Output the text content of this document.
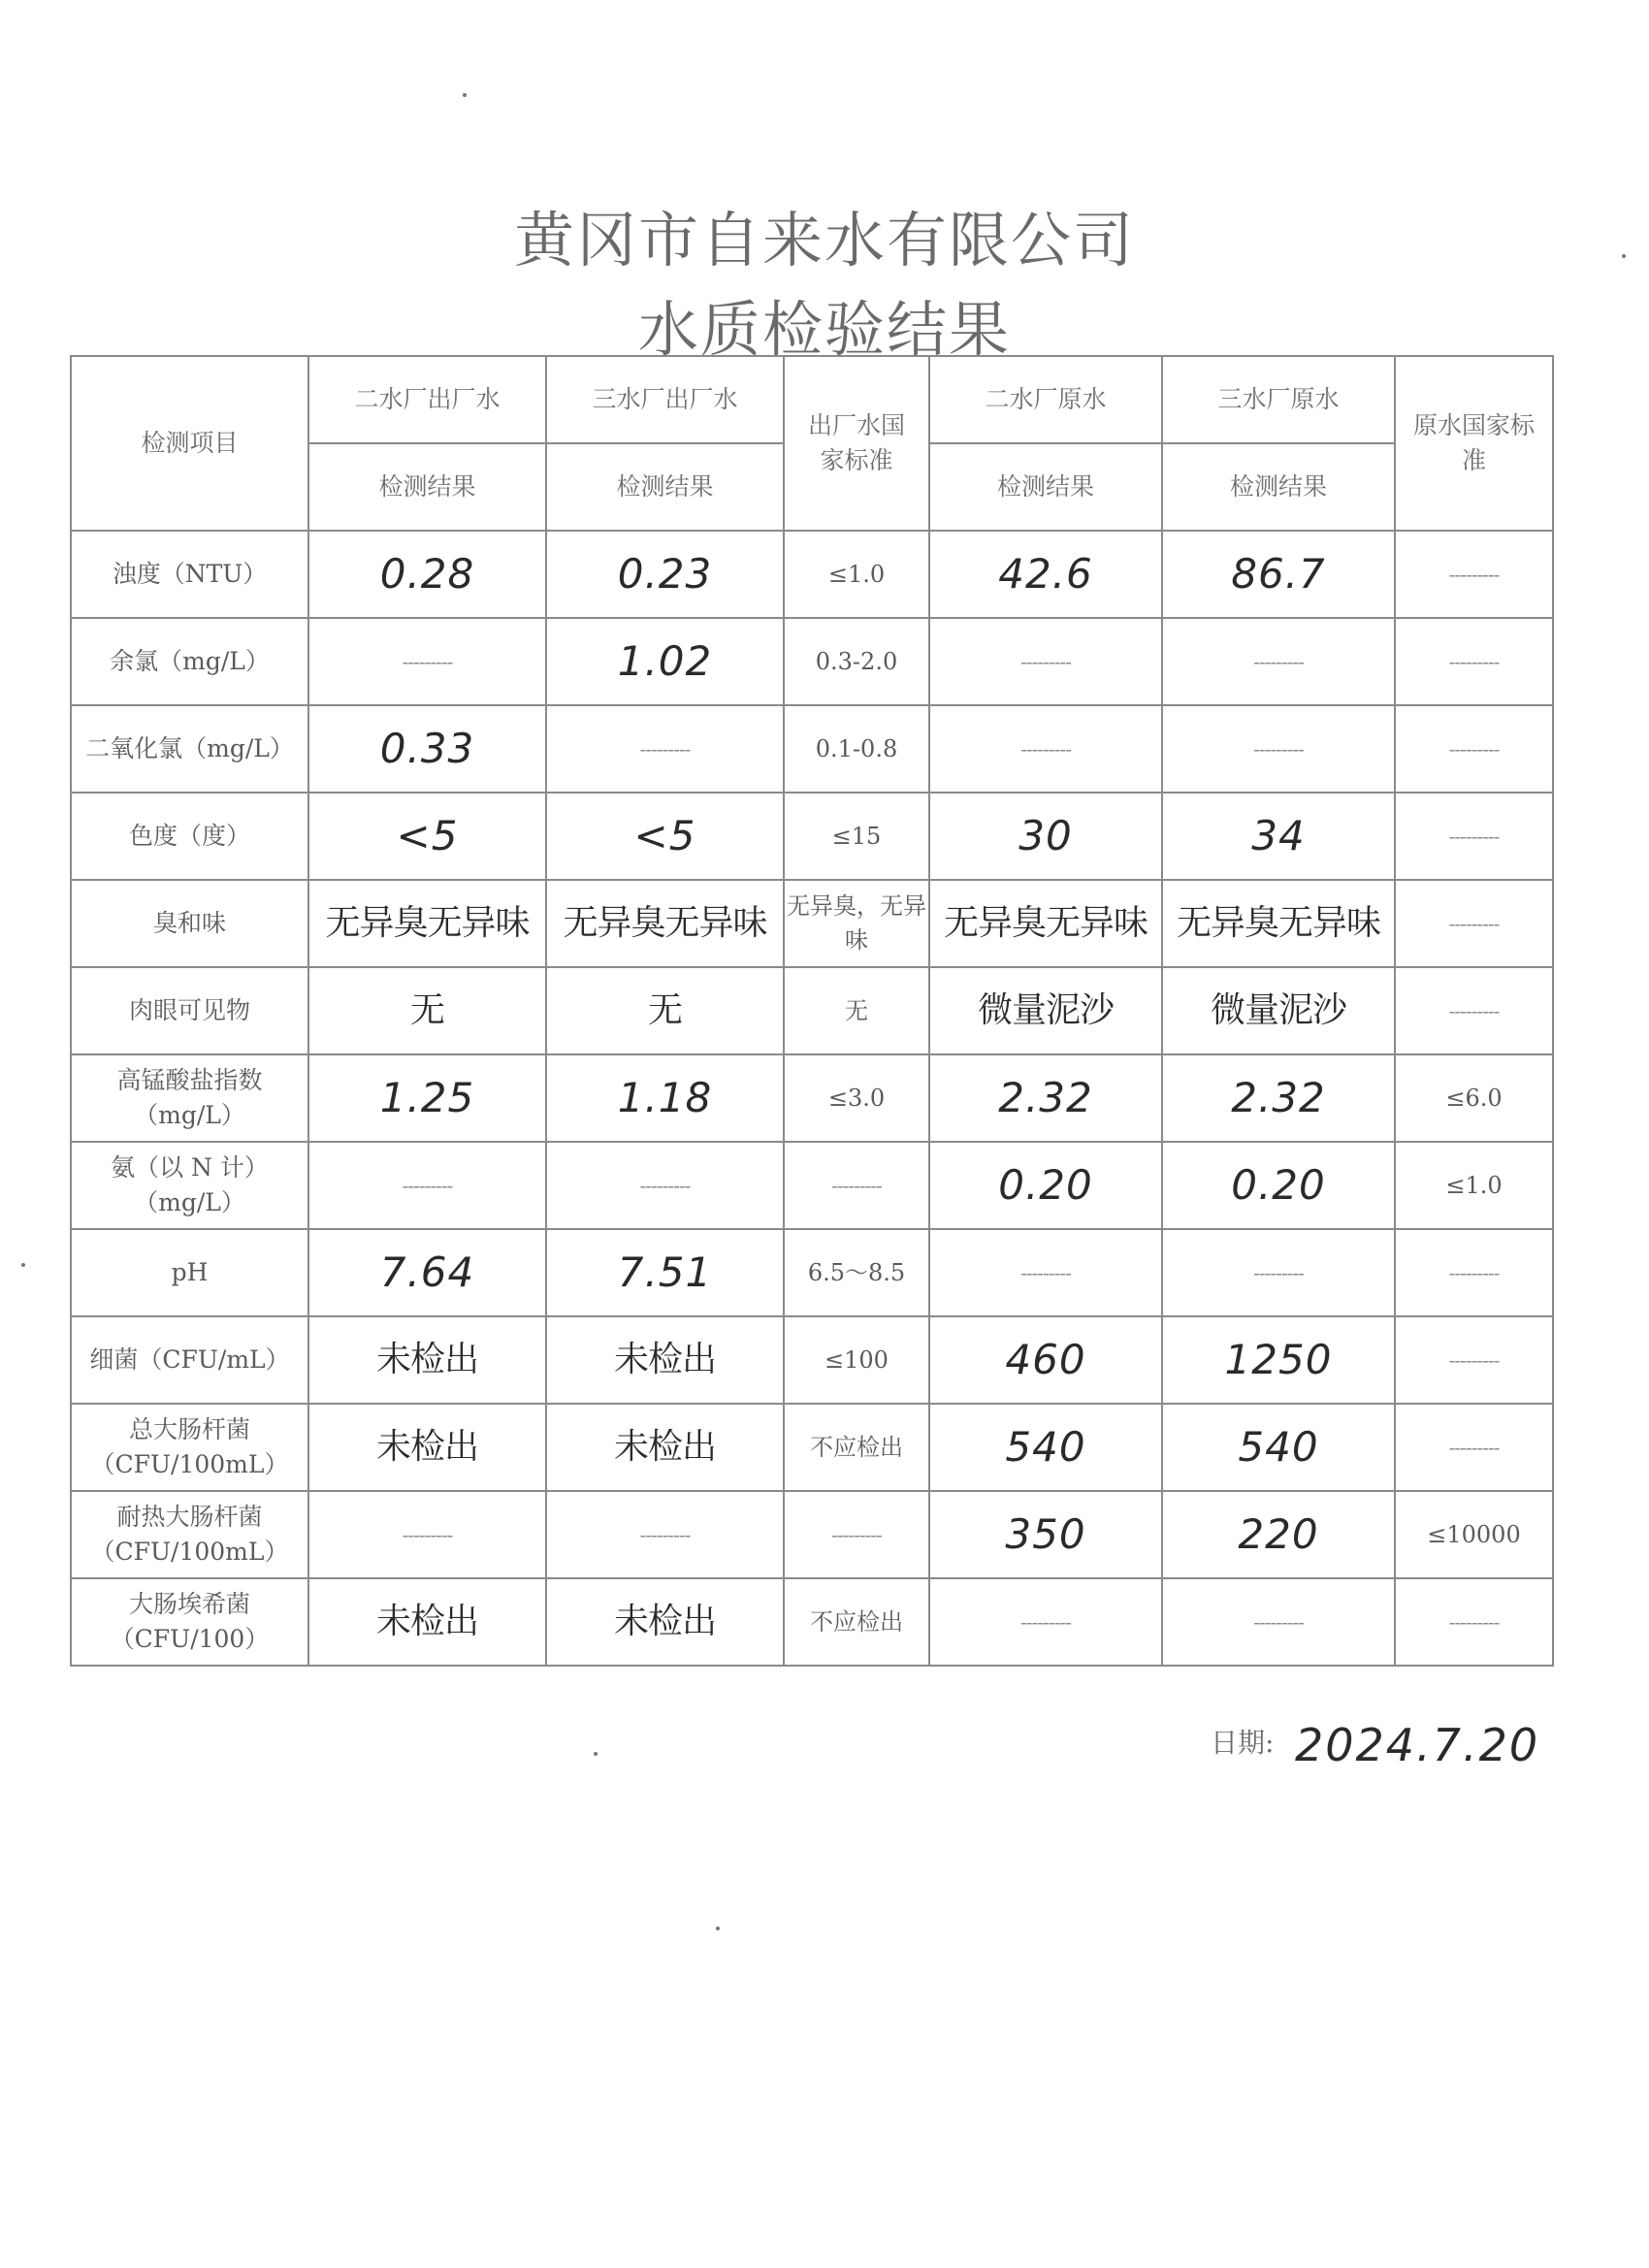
黄冈市自来水有限公司
水质检验结果
检测项目	二水厂出厂水	三水厂出厂水	出厂水国家标准	二水厂原水	三水厂原水	原水国家标准
	检测结果	检测结果		检测结果	检测结果	
浊度（NTU）	0.28	0.23	≤1.0	42.6	86.7	---------
余氯（mg/L）	---------	1.02	0.3-2.0	---------	---------	---------
二氧化氯（mg/L）	0.33	---------	0.1-0.8	---------	---------	---------
色度（度）	<5	<5	≤15	30	34	---------
臭和味	无异臭无异味	无异臭无异味	无异臭，无异味	无异臭无异味	无异臭无异味	---------
肉眼可见物	无	无	无	微量泥沙	微量泥沙	---------
高锰酸盐指数（mg/L）	1.25	1.18	≤3.0	2.32	2.32	≤6.0
氨（以 N 计）（mg/L）	---------	---------	---------	0.20	0.20	≤1.0
pH	7.64	7.51	6.5～8.5	---------	---------	---------
细菌（CFU/mL）	未检出	未检出	≤100	460	1250	---------
总大肠杆菌（CFU/100mL）	未检出	未检出	不应检出	540	540	---------
耐热大肠杆菌（CFU/100mL）	---------	---------	---------	350	220	≤10000
大肠埃希菌（CFU/100）	未检出	未检出	不应检出	---------	---------	---------
日期: 2024.7.20
